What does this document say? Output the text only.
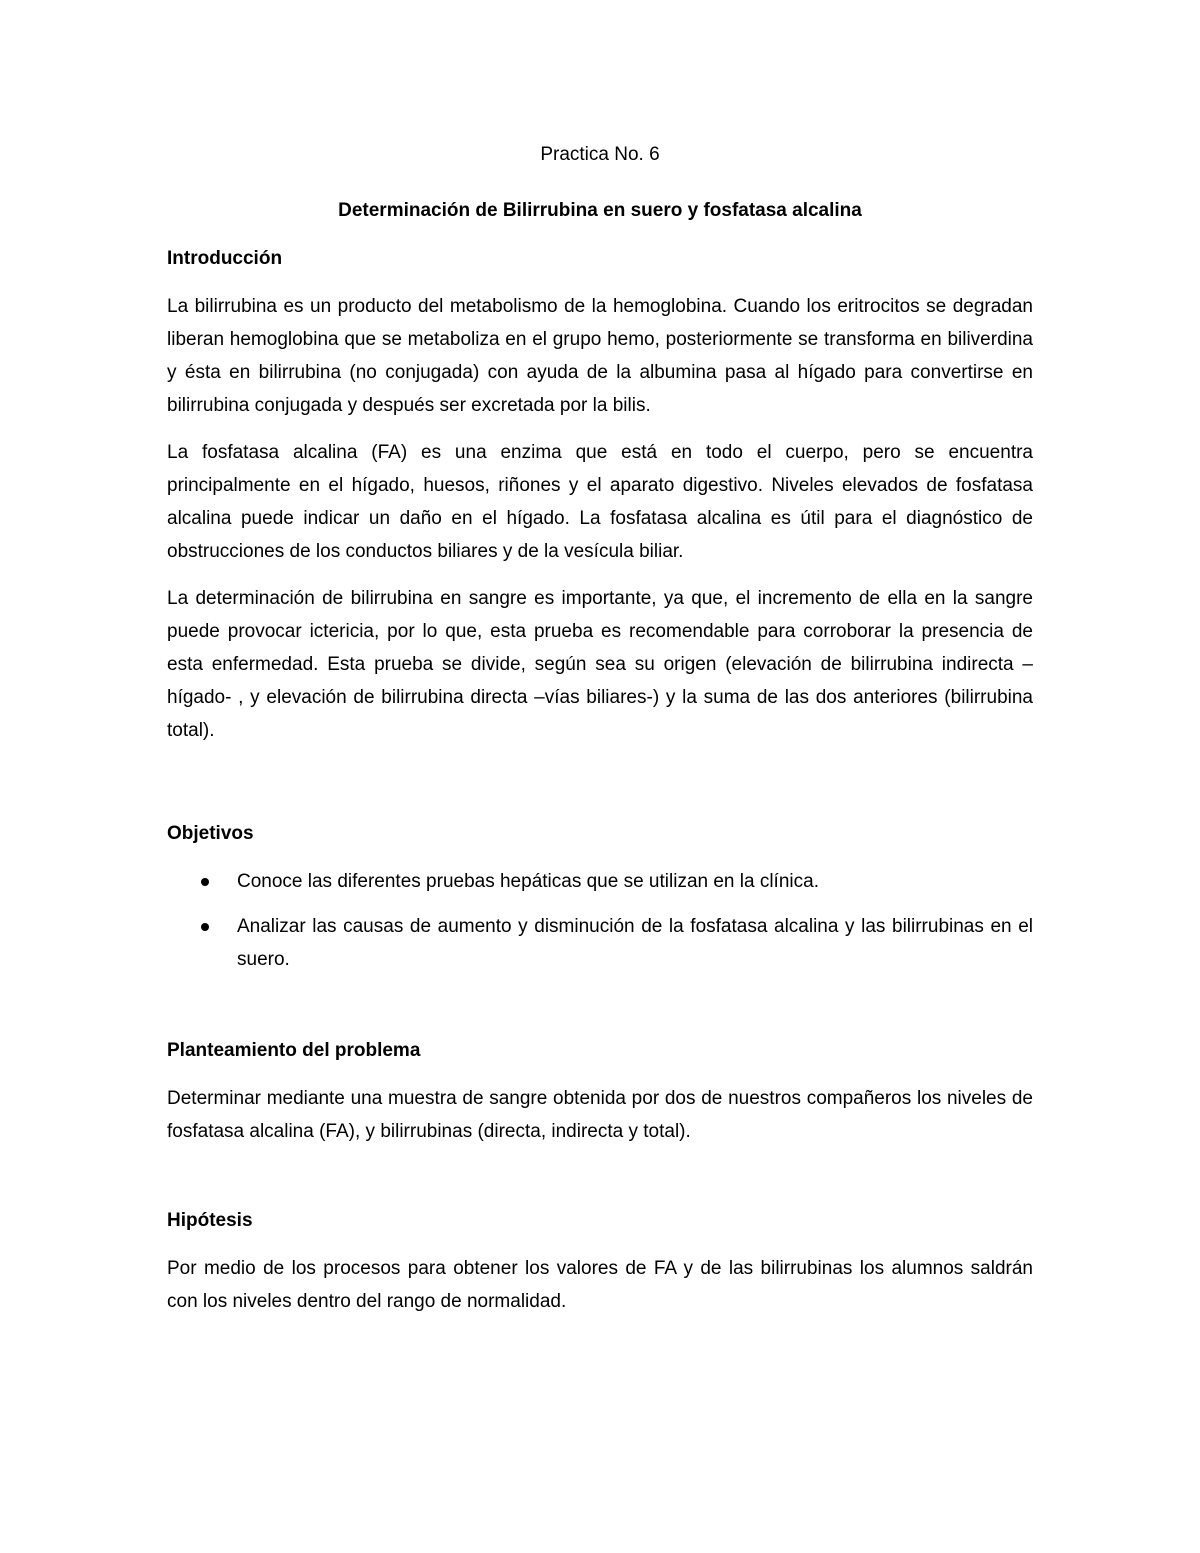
Practica No. 6
Determinación de Bilirrubina en suero y fosfatasa alcalina
Introducción

La bilirrubina es un producto del metabolismo de la hemoglobina. Cuando los eritrocitos se degradan liberan hemoglobina que se metaboliza en el grupo hemo, posteriormente se transforma en biliverdina y ésta en bilirrubina (no conjugada) con ayuda de la albumina pasa al hígado para convertirse en bilirrubina conjugada y después ser excretada por la bilis.

La fosfatasa alcalina (FA) es una enzima que está en todo el cuerpo, pero se encuentra principalmente en el hígado, huesos, riñones y el aparato digestivo. Niveles elevados de fosfatasa alcalina puede indicar un daño en el hígado. La fosfatasa alcalina es útil para el diagnóstico de obstrucciones de los conductos biliares y de la vesícula biliar.

La determinación de bilirrubina en sangre es importante, ya que, el incremento de ella en la sangre puede provocar ictericia, por lo que, esta prueba es recomendable para corroborar la presencia de esta enfermedad. Esta prueba se divide, según sea su origen (elevación de bilirrubina indirecta –hígado- , y elevación de bilirrubina directa –vías biliares-) y la suma de las dos anteriores (bilirrubina total).

Objetivos
Conoce las diferentes pruebas hepáticas que se utilizan en la clínica.
Analizar las causas de aumento y disminución de la fosfatasa alcalina y las bilirrubinas en el suero.
Planteamiento del problema

Determinar mediante una muestra de sangre obtenida por dos de nuestros compañeros los niveles de fosfatasa alcalina (FA), y bilirrubinas (directa, indirecta y total).

Hipótesis

Por medio de los procesos para obtener los valores de FA y de las bilirrubinas los alumnos saldrán con los niveles dentro del rango de normalidad.
